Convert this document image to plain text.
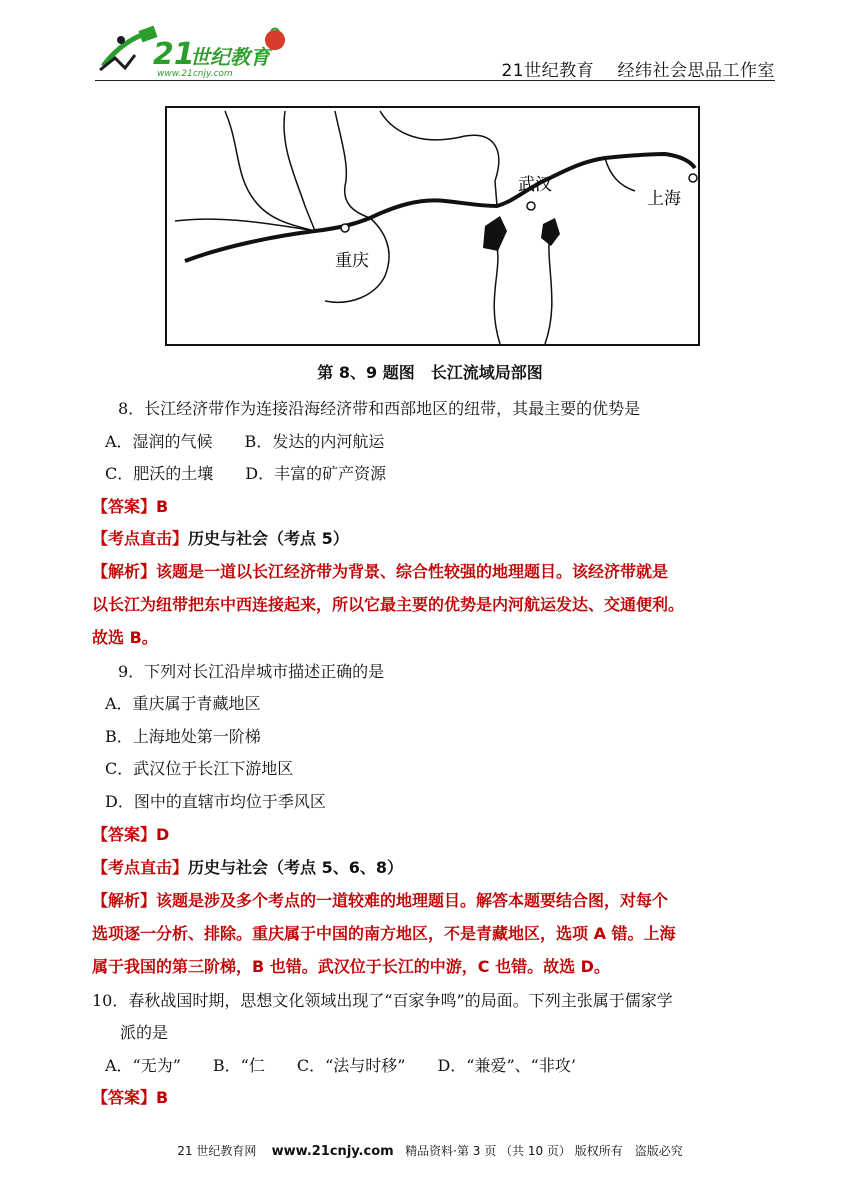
21
世纪教育
www.21cnjy.com	21世纪教育　 经纬社会思品工作室
重庆
武汉
上海
第 8、9 题图　长江流域局部图
8．长江经济带作为连接沿海经济带和西部地区的纽带，其最主要的优势是
A．湿润的气候　　B．发达的内河航运
C．肥沃的土壤　　D．丰富的矿产资源
【答案】B
【考点直击】历史与社会（考点 5）
【解析】该题是一道以长江经济带为背景、综合性较强的地理题目。该经济带就是
以长江为纽带把东中西连接起来，所以它最主要的优势是内河航运发达、交通便利。
故选 B。
9．下列对长江沿岸城市描述正确的是
A．重庆属于青藏地区
B．上海地处第一阶梯
C．武汉位于长江下游地区
D．图中的直辖市均位于季风区
【答案】D
【考点直击】历史与社会（考点 5、6、8）
【解析】该题是涉及多个考点的一道较难的地理题目。解答本题要结合图，对每个
选项逐一分析、排除。重庆属于中国的南方地区，不是青藏地区，选项 A 错。上海
属于我国的第三阶梯，B 也错。武汉位于长江的中游，C 也错。故选 D。
10．春秋战国时期，思想文化领域出现了“百家争鸣”的局面。下列主张属于儒家学
派的是
A．“无为”　　B．“仁　　C．“法与时移”　　D．“兼爱”、“非攻’
【答案】B
21 世纪教育网 www.21cnjy.com 精品资料·第 3 页 （共 10 页） 版权所有　盗版必究
